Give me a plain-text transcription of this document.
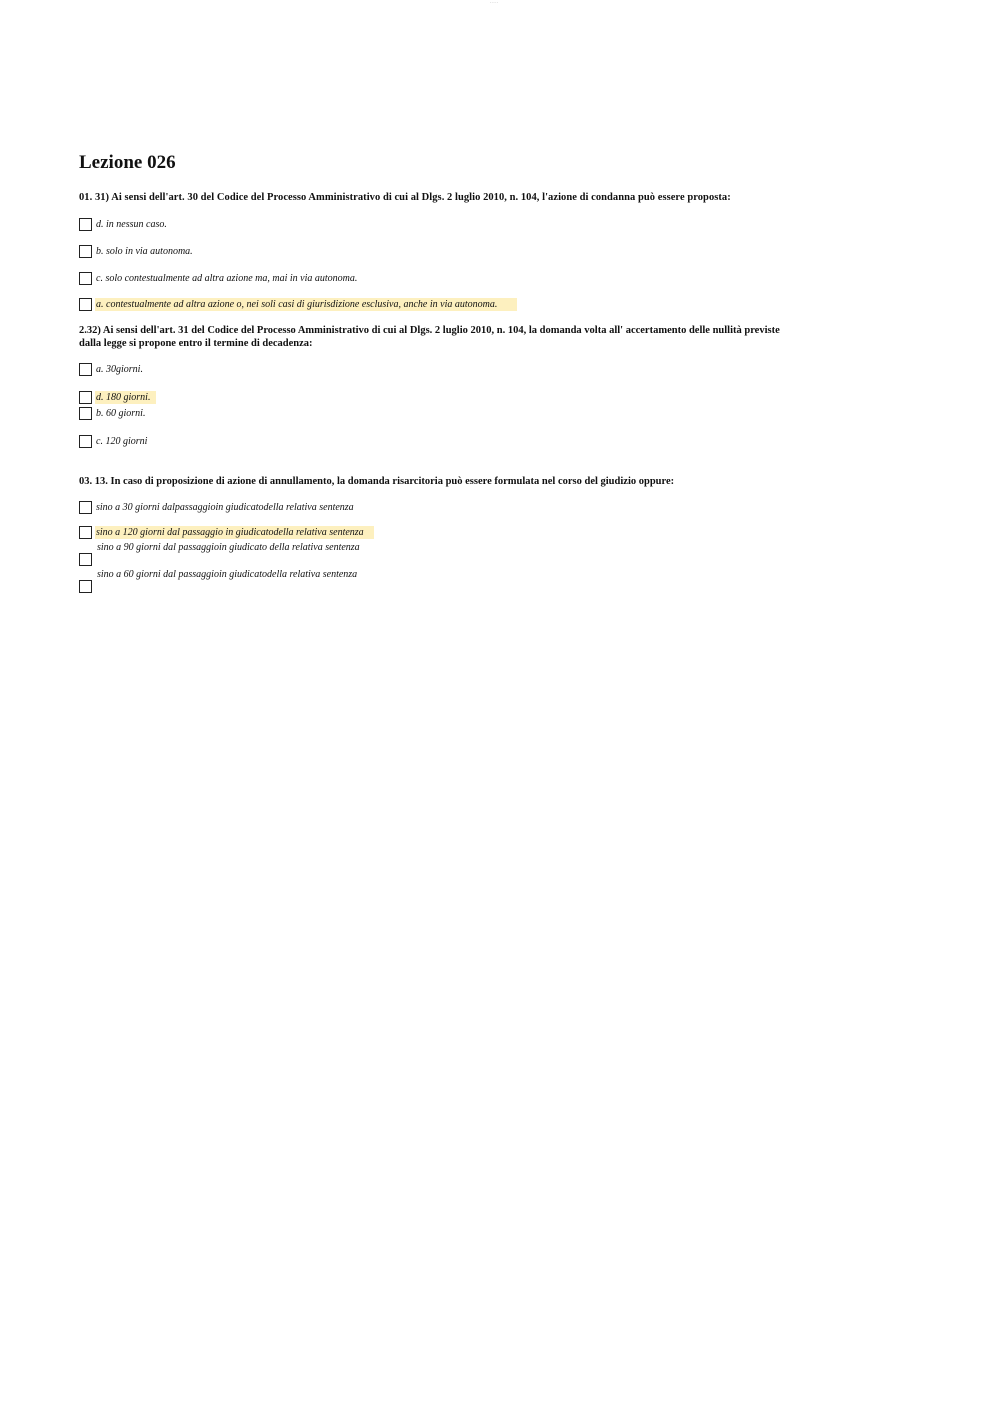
- - - - -
Lezione 026
01. 31) Ai sensi dell'art. 30 del Codice del Processo Amministrativo di cui al Dlgs. 2 luglio 2010, n. 104, l'azione di condanna può essere proposta:
d. in nessun caso.
b. solo in via autonoma.
c. solo contestualmente ad altra azione ma, mai in via autonoma.
a. contestualmente ad altra azione o, nei soli casi di giurisdizione esclusiva, anche in via autonoma.
2.32) Ai sensi dell'art. 31 del Codice del Processo Amministrativo di cui al Dlgs. 2 luglio 2010, n. 104, la domanda volta all' accertamento delle nullità previste
dalla legge si propone entro il termine di decadenza:
a. 30giorni.
d. 180 giorni.
b. 60 giorni.
c. 120 giorni
03. 13. In caso di proposizione di azione di annullamento, la domanda risarcitoria può essere formulata nel corso del giudizio oppure:
sino a 30 giorni dalpassaggioin giudicatodella relativa sentenza
sino a 120 giorni dal passaggio in giudicatodella relativa sentenza
sino a 90 giorni dal passaggioin giudicato della relativa sentenza
sino a 60 giorni dal passaggioin giudicatodella relativa sentenza
